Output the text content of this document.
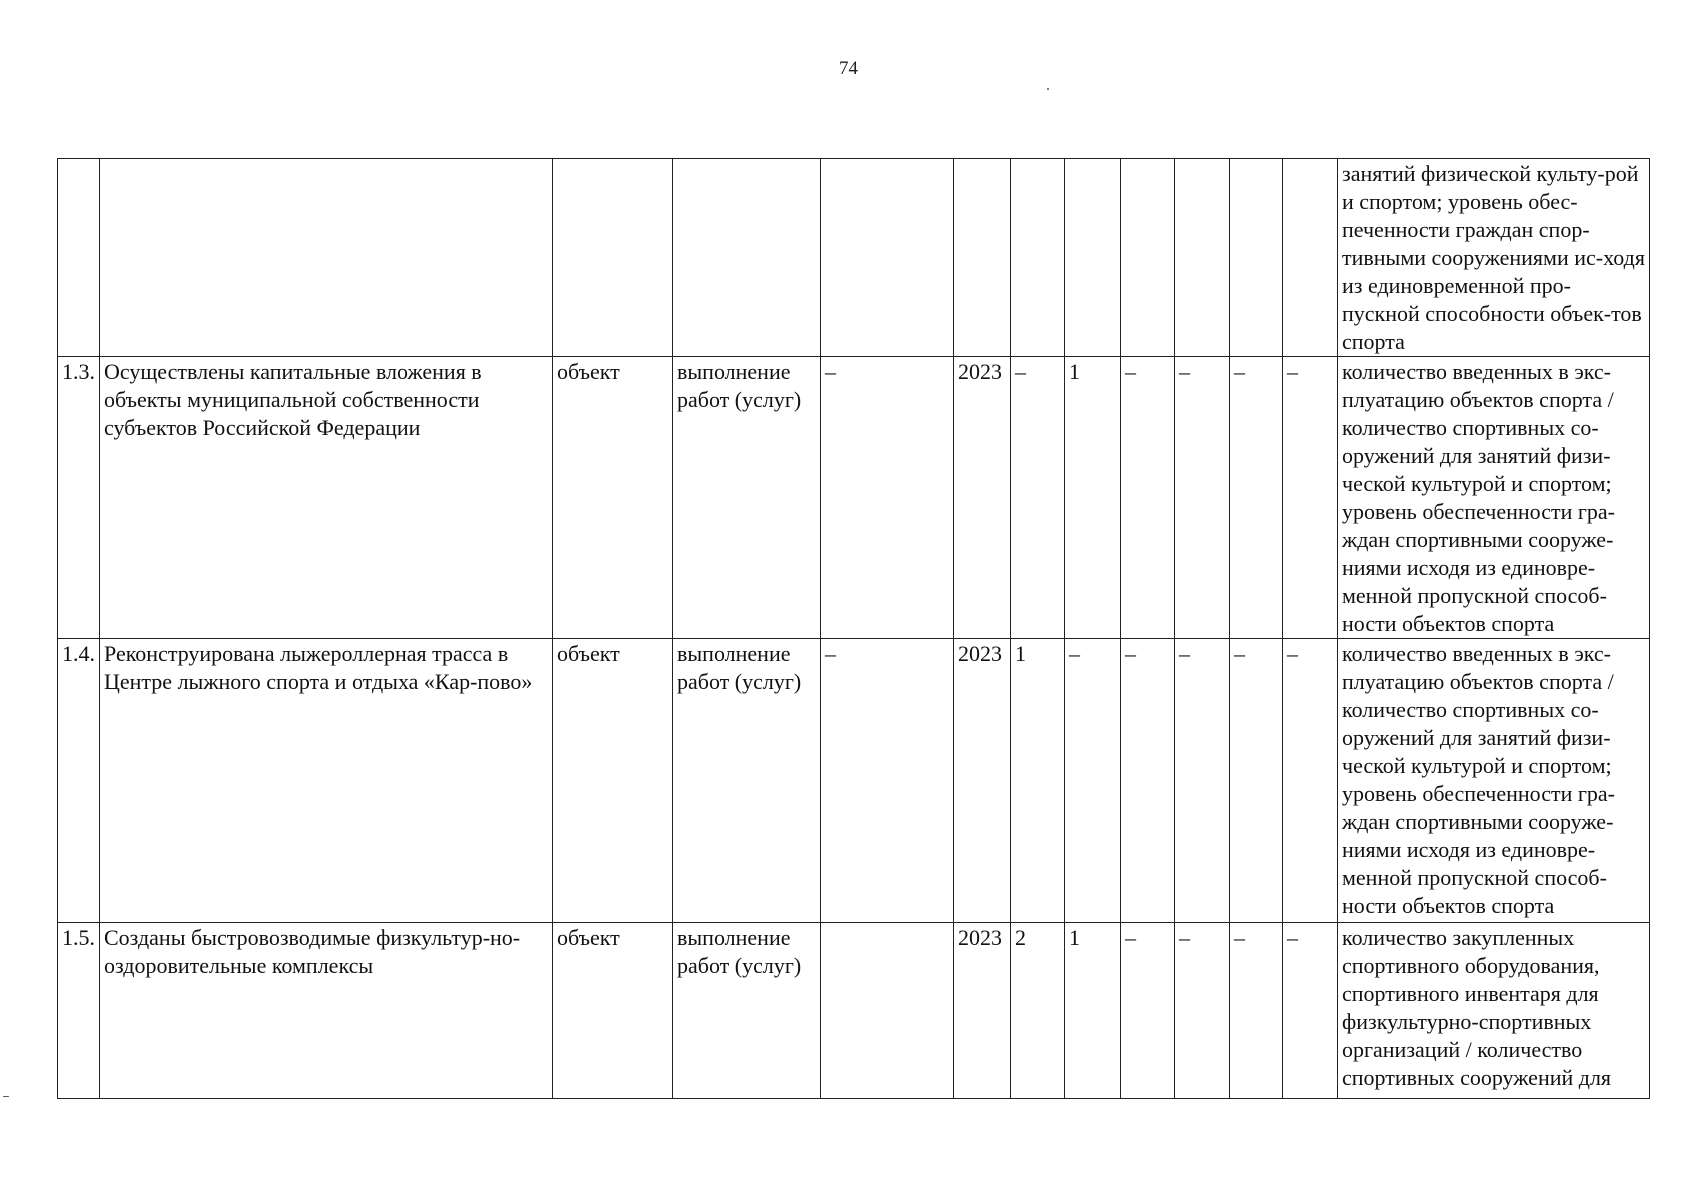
74
												занятий физической культу-рой и спортом; уровень обес-печенности граждан спор-тивными сооружениями ис-ходя из единовременной про-пускной способности объек-тов спорта
1.3.	Осуществлены капитальные вложения в объекты муниципальной собственности субъектов Российской Федерации	объект	выполнение работ (услуг)	–	2023	–	1	–	–	–	–	количество введенных в экс-плуатацию объектов спорта / количество спортивных со-оружений для занятий физи-ческой культурой и спортом; уровень обеспеченности гра-ждан спортивными сооруже-ниями исходя из единовре-менной пропускной способ-ности объектов спорта
1.4.	Реконструирована лыжероллерная трасса в Центре лыжного спорта и отдыха «Кар-пово»	объект	выполнение работ (услуг)	–	2023	1	–	–	–	–	–	количество введенных в экс-плуатацию объектов спорта / количество спортивных со-оружений для занятий физи-ческой культурой и спортом; уровень обеспеченности гра-ждан спортивными сооруже-ниями исходя из единовре-менной пропускной способ-ности объектов спорта
1.5.	Созданы быстровозводимые физкультур-но-оздоровительные комплексы	объект	выполнение работ (услуг)		2023	2	1	–	–	–	–	количество закупленных спортивного оборудования, спортивного инвентаря для физкультурно-спортивных организаций / количество спортивных сооружений для
